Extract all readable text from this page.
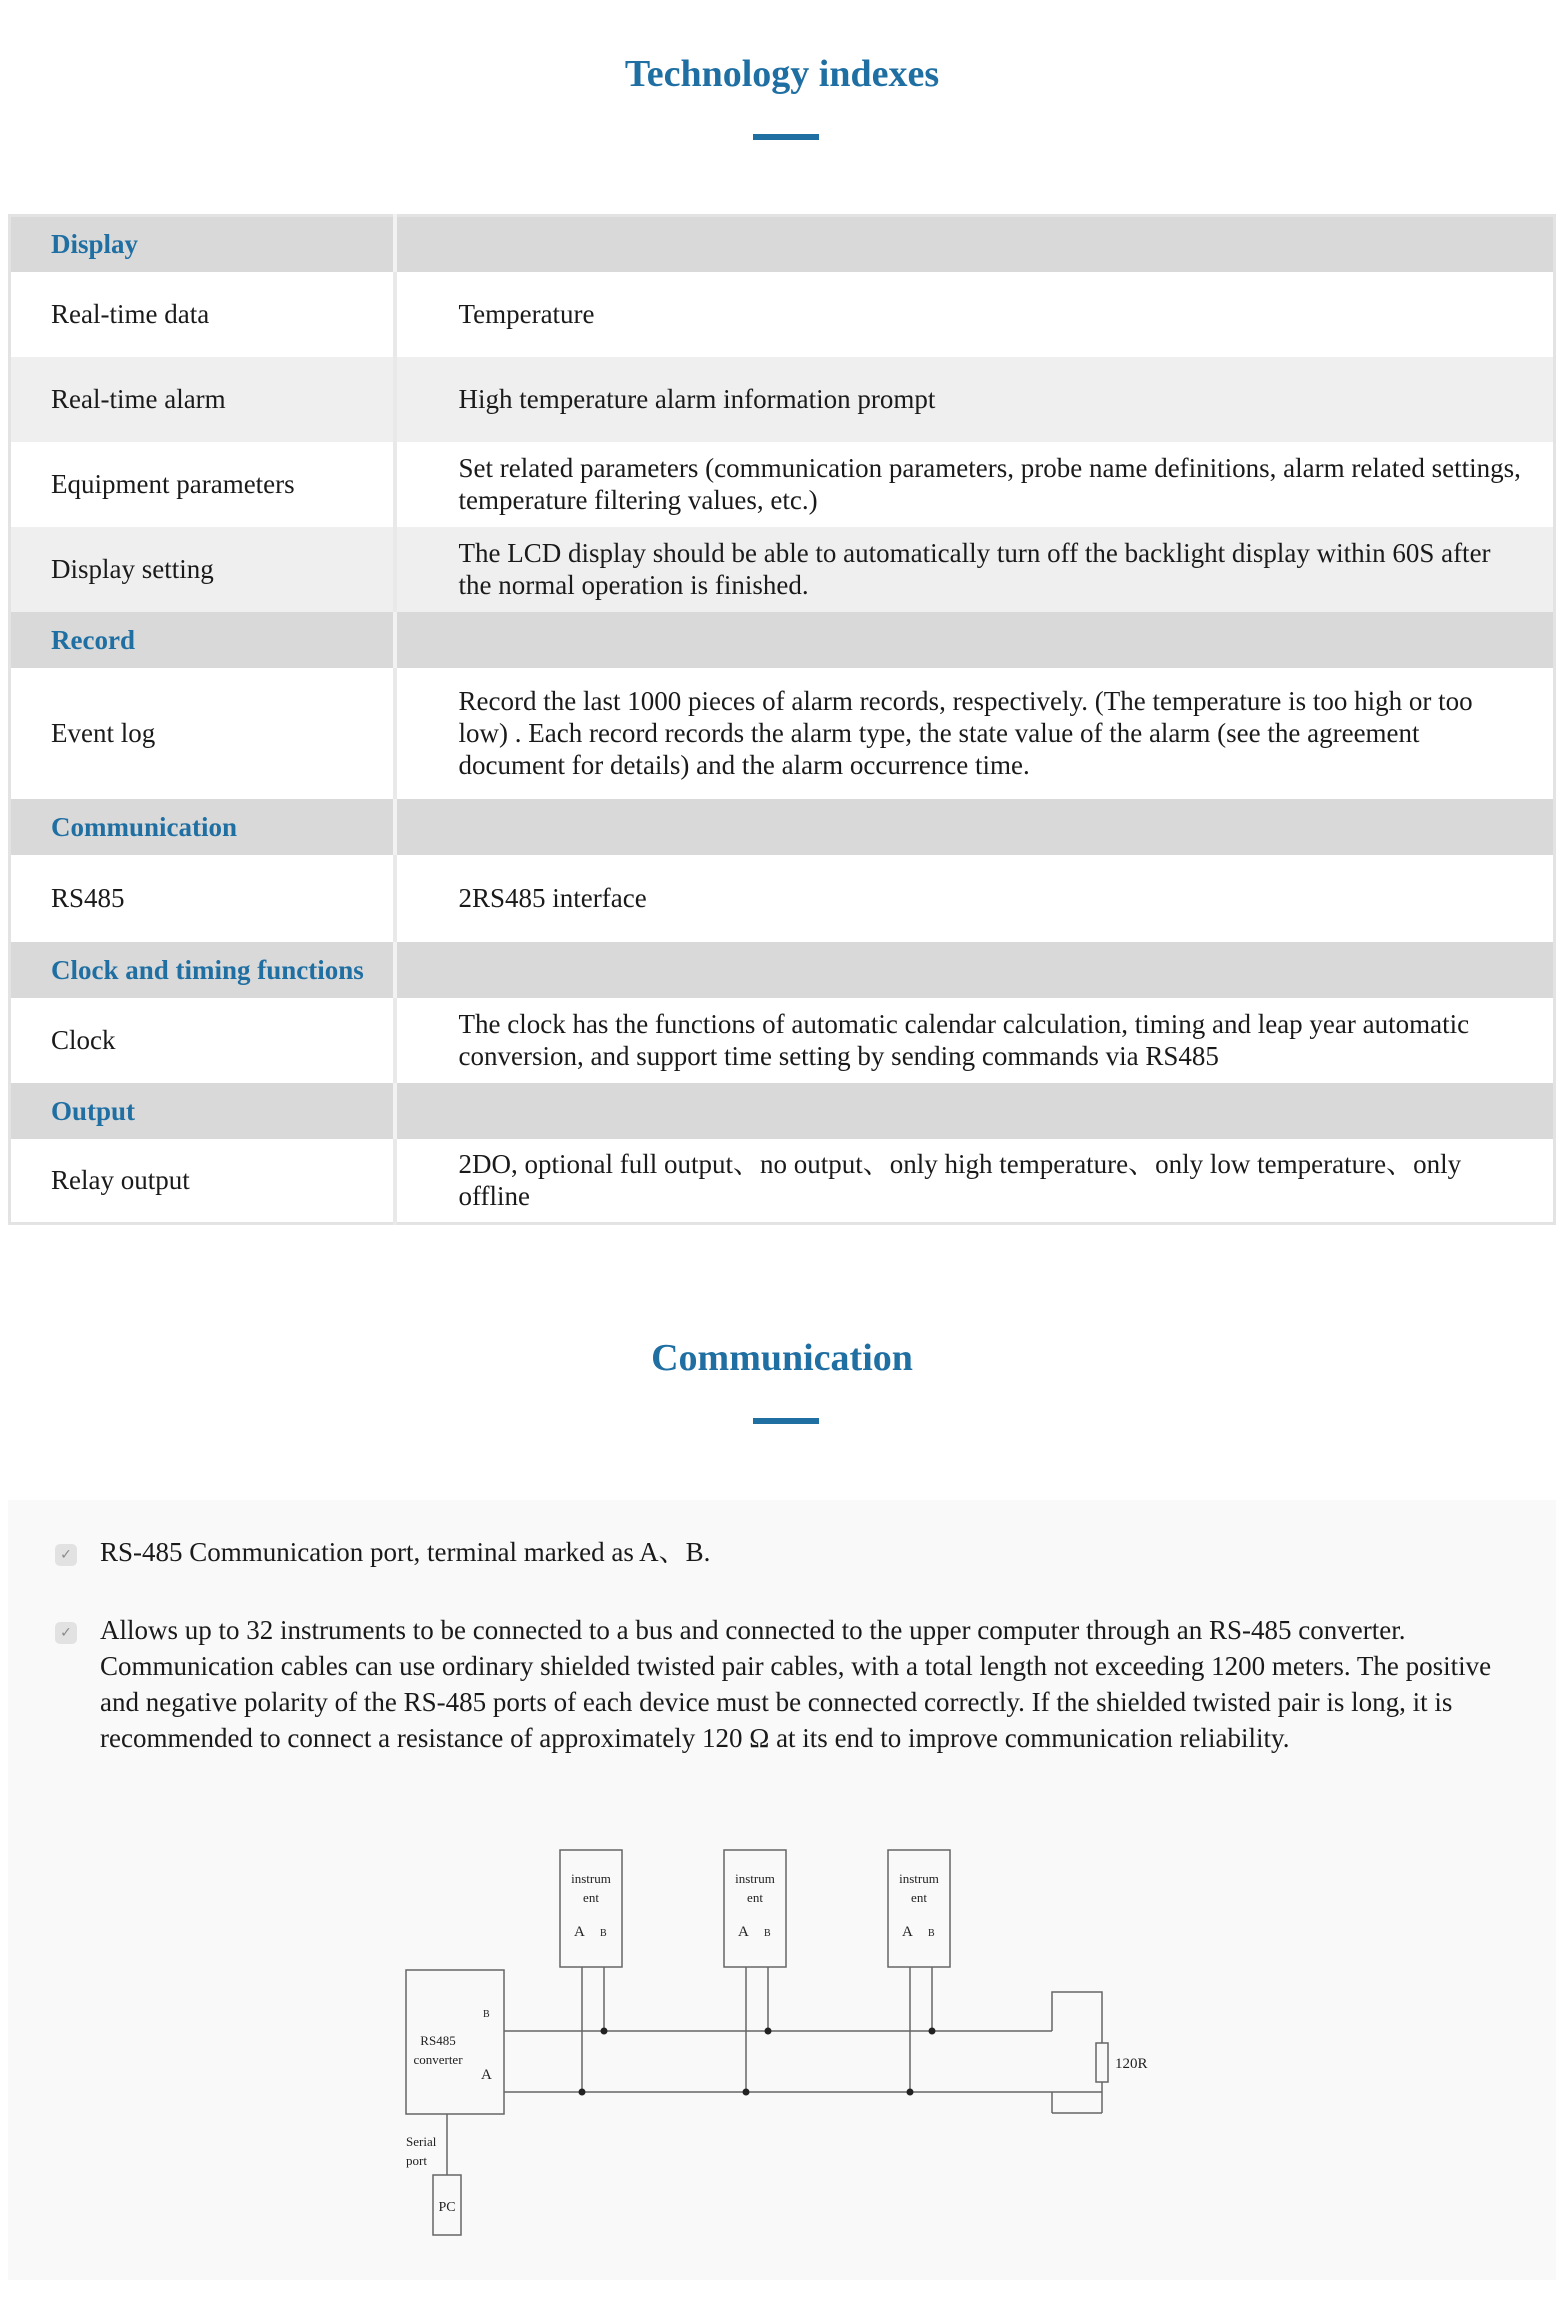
Technology indexes
Display	
Real-time data	Temperature
Real-time alarm	High temperature alarm information prompt
Equipment parameters	Set related parameters (communication parameters, probe name definitions, alarm related settings, temperature filtering values, etc.)
Display setting	The LCD display should be able to automatically turn off the backlight display within 60S after the normal operation is finished.
Record	
Event log	Record the last 1000 pieces of alarm records, respectively. (The temperature is too high or too low) . Each record records the alarm type, the state value of the alarm (see the agreement document for details) and the alarm occurrence time.
Communication	
RS485	2RS485 interface
Clock and timing functions	
Clock	The clock has the functions of automatic calendar calculation, timing and leap year automatic conversion, and support time setting by sending commands via RS485
Output	
Relay output	2DO, optional full output、no output、only high temperature、only low temperature、only offline
Communication
✓ RS-485 Communication port, terminal marked as A、B.
✓ Allows up to 32 instruments to be connected to a bus and connected to the upper computer through an RS-485 converter. Communication cables can use ordinary shielded twisted pair cables, with a total length not exceeding 1200 meters. The positive and negative polarity of the RS-485 ports of each device must be connected correctly. If the shielded twisted pair is long, it is recommended to connect a resistance of approximately 120 Ω at its end to improve communication reliability.
instrum
ent
A B
instrum
ent
A B
instrum
ent
A B
B
A
RS485
converter
Serial
port
PC
120R
